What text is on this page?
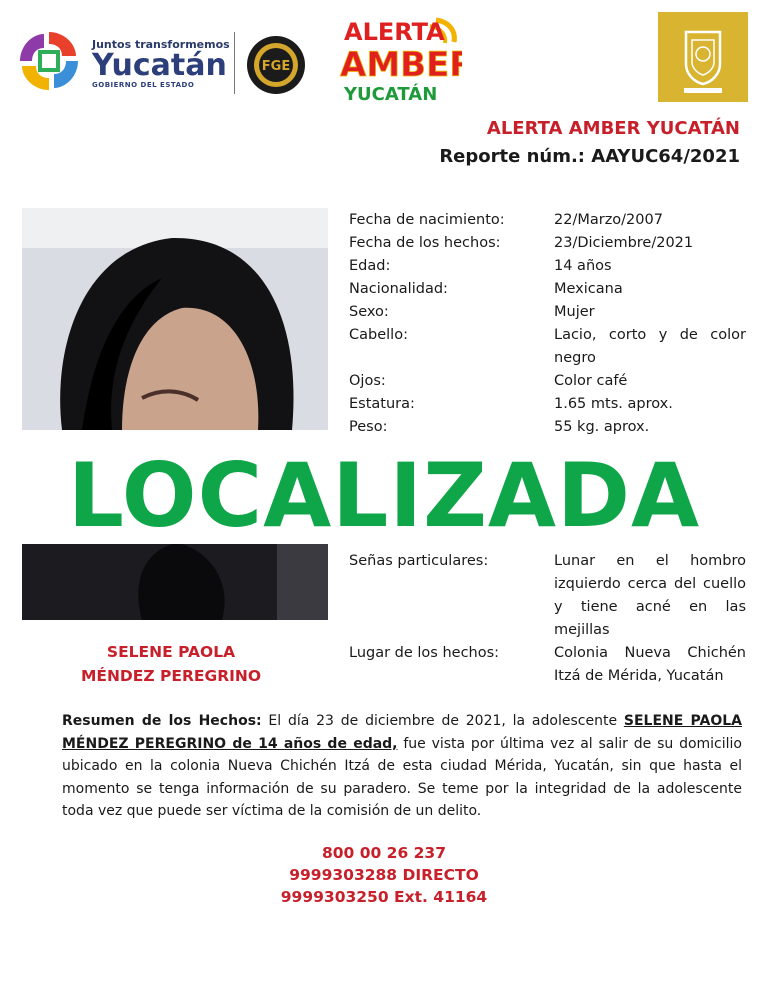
Juntos transformemos
Yucatán
GOBIERNO DEL ESTADO
FGE
ALERTA
AMBER
YUCATÁN
ALERTA AMBER YUCATÁN
Reporte núm.: AAYUC64/2021
Fecha de nacimiento:	22/Marzo/2007
Fecha de los hechos:	23/Diciembre/2021
Edad:	14 años
Nacionalidad:	Mexicana
Sexo:	Mujer
Cabello:	Lacio, corto y de color negro
Ojos:	Color café
Estatura:	1.65 mts. aprox.
Peso:	55 kg. aprox.
LOCALIZADA
Señas particulares:	Lunar en el hombro izquierdo cerca del cuello y tiene acné en las mejillas
Lugar de los hechos:	Colonia Nueva Chichén Itzá de Mérida, Yucatán
SELENE PAOLA
MÉNDEZ PEREGRINO
Resumen de los Hechos: El día 23 de diciembre de 2021, la adolescente SELENE PAOLA MÉNDEZ PEREGRINO de 14 años de edad, fue vista por última vez al salir de su domicilio ubicado en la colonia Nueva Chichén Itzá de esta ciudad Mérida, Yucatán, sin que hasta el momento se tenga información de su paradero. Se teme por la integridad de la adolescente toda vez que puede ser víctima de la comisión de un delito.
800 00 26 237
9999303288 DIRECTO
9999303250 Ext. 41164
